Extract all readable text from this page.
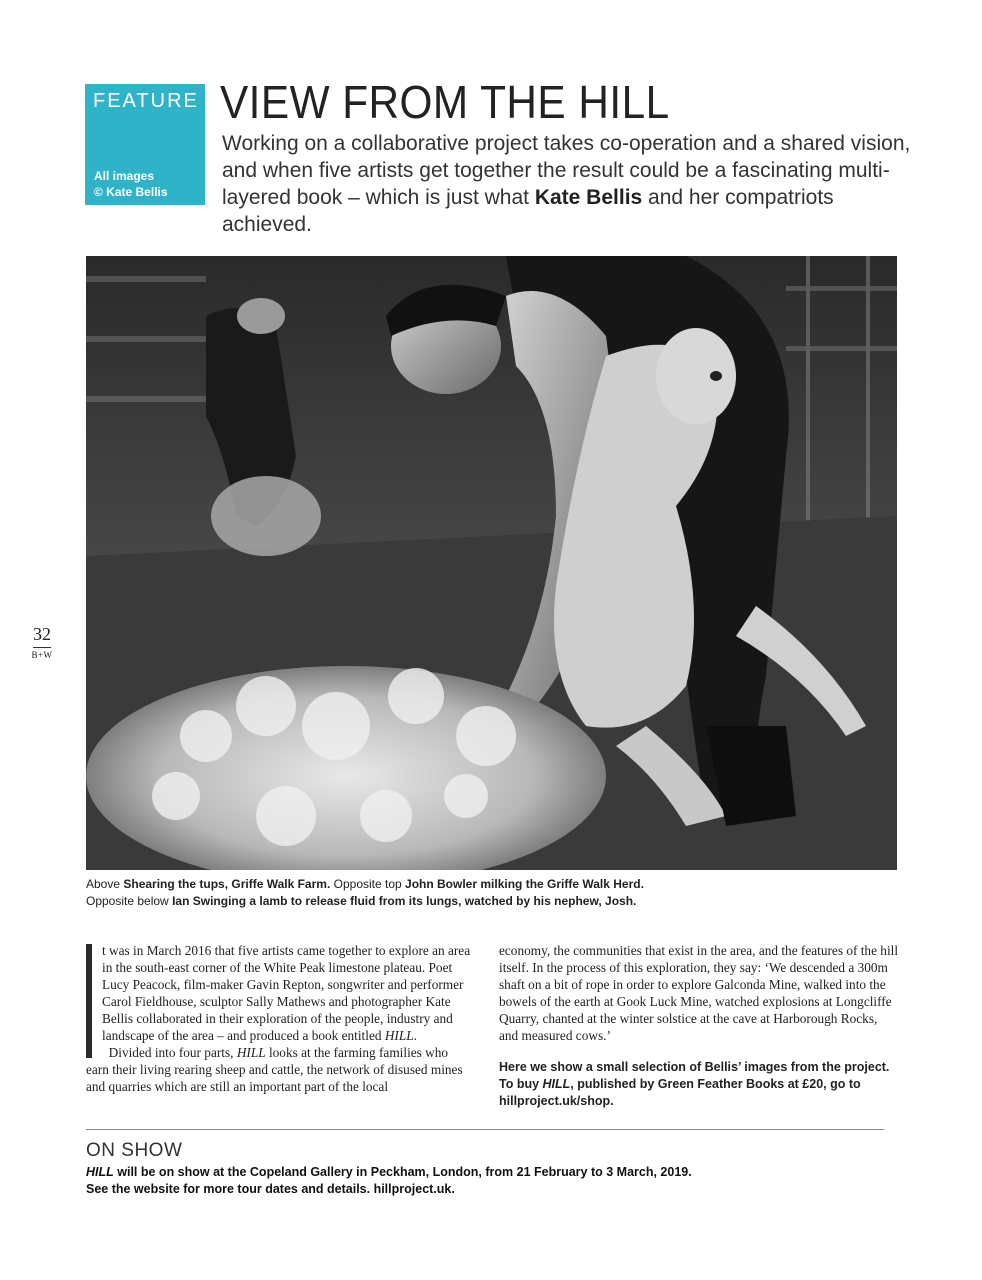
FEATURE
All images
© Kate Bellis
VIEW FROM THE HILL
Working on a collaborative project takes co-operation and a shared vision, and when five artists get together the result could be a fascinating multi-layered book – which is just what Kate Bellis and her compatriots achieved.
Above Shearing the tups, Griffe Walk Farm. Opposite top John Bowler milking the Griffe Walk Herd.
Opposite below Ian Swinging a lamb to release fluid from its lungs, watched by his nephew, Josh.
32
B+W

t was in March 2016 that five artists came together to explore an area in the south-east corner of the White Peak limestone plateau. Poet Lucy Peacock, film-maker Gavin Repton, songwriter and performer Carol Fieldhouse, sculptor Sally Mathews and photographer Kate Bellis collaborated in their exploration of the people, industry and landscape of the area – and produced a book entitled HILL.

Divided into four parts, HILL looks at the farming families who earn their living rearing sheep and cattle, the network of disused mines and quarries which are still an important part of the local

economy, the communities that exist in the area, and the features of the hill itself. In the process of this exploration, they say: ‘We descended a 300m shaft on a bit of rope in order to explore Galconda Mine, walked into the bowels of the earth at Gook Luck Mine, watched explosions at Longcliffe Quarry, chanted at the winter solstice at the cave at Harborough Rocks, and measured cows.’

Here we show a small selection of Bellis’ images from the project. To buy HILL, published by Green Feather Books at £20, go to hillproject.uk/shop.

ON SHOW
HILL will be on show at the Copeland Gallery in Peckham, London, from 21 February to 3 March, 2019.
See the website for more tour dates and details. hillproject.uk.
